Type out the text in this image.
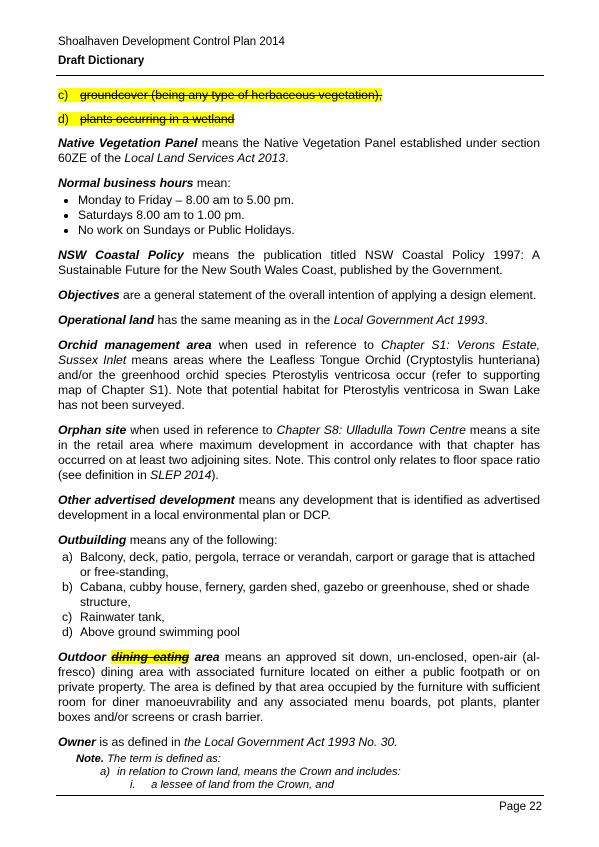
Shoalhaven Development Control Plan 2014
Draft Dictionary
c) groundcover (being any type of herbaceous vegetation),
d) plants occurring in a wetland

Native Vegetation Panel means the Native Vegetation Panel established under section 60ZE of the Local Land Services Act 2013.

Normal business hours mean:

• Monday to Friday – 8.00 am to 5.00 pm.
• Saturdays 8.00 am to 1.00 pm.
• No work on Sundays or Public Holidays.

NSW Coastal Policy means the publication titled NSW Coastal Policy 1997: A Sustainable Future for the New South Wales Coast, published by the Government.

Objectives are a general statement of the overall intention of applying a design element.

Operational land has the same meaning as in the Local Government Act 1993.

Orchid management area when used in reference to Chapter S1: Verons Estate, Sussex Inlet means areas where the Leafless Tongue Orchid (Cryptostylis hunteriana) and/or the greenhood orchid species Pterostylis ventricosa occur (refer to supporting map of Chapter S1). Note that potential habitat for Pterostylis ventricosa in Swan Lake has not been surveyed.

Orphan site when used in reference to Chapter S8: Ulladulla Town Centre means a site in the retail area where maximum development in accordance with that chapter has occurred on at least two adjoining sites. Note. This control only relates to floor space ratio (see definition in SLEP 2014).

Other advertised development means any development that is identified as advertised development in a local environmental plan or DCP.

Outbuilding means any of the following:

a) Balcony, deck, patio, pergola, terrace or verandah, carport or garage that is attached or free-standing,
b) Cabana, cubby house, fernery, garden shed, gazebo or greenhouse, shed or shade structure,
c) Rainwater tank,
d) Above ground swimming pool

Outdoor dining eating area means an approved sit down, un-enclosed, open-air (al-fresco) dining area with associated furniture located on either a public footpath or on private property. The area is defined by that area occupied by the furniture with sufficient room for diner manoeuvrability and any associated menu boards, pot plants, planter boxes and/or screens or crash barrier.

Owner is as defined in the Local Government Act 1993 No. 30.

Note. The term is defined as:
a) in relation to Crown land, means the Crown and includes:
i. a lessee of land from the Crown, and
Page 22
